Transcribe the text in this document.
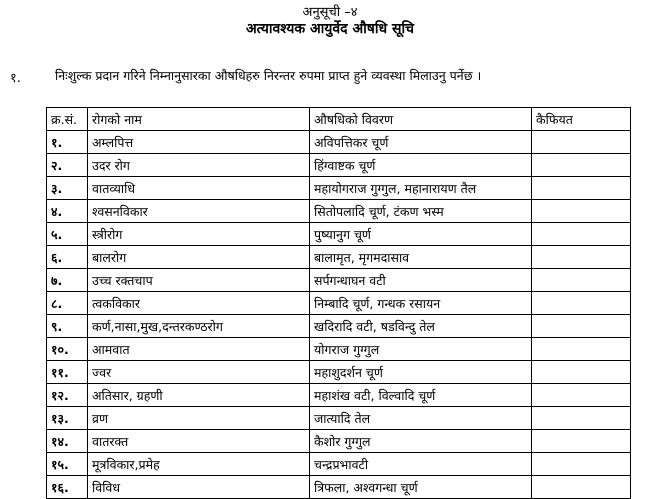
अनुसूची –४
अत्यावश्यक आयुर्वेद औषधि सूचि
१.	निःशुल्क प्रदान गरिने निम्नानुसारका औषधिहरु निरन्तर रुपमा प्राप्त हुने व्यवस्था मिलाउनु पर्नेछ ।
क्र.सं.	रोगको नाम	औषधिको विवरण	कैफियत
१.	अम्लपित्त	अविपत्तिकर चूर्ण	
२.	उदर रोग	हिंग्वाष्टक चूर्ण	
३.	वातव्याधि	महायोगराज गुग्गुल, महानारायण तैल	
४.	श्वसनविकार	सितोपलादि चूर्ण, टंकण भस्म	
५.	स्त्रीरोग	पुष्यानुग चूर्ण	
६.	बालरोग	बालामृत, मृगमदासाव	
७.	उच्च रक्तचाप	सर्पगन्धाघन वटी	
८.	त्वकविकार	निम्बादि चूर्ण, गन्धक रसायन	
९.	कर्ण,नासा,मुख,दन्तरकण्ठरोग	खदिरादि वटी, षडविन्दु तेल	
१०.	आमवात	योगराज गुग्गुल	
११.	ज्वर	महाशुदर्शन चूर्ण	
१२.	अतिसार, ग्रहणी	महाशंख वटी, विल्वादि चूर्ण	
१३.	व्रण	जात्यादि तेल	
१४.	वातरक्त	कैशोर गुग्गुल	
१५.	मूत्रविकार,प्रमेह	चन्द्रप्रभावटी	
१६.	विविध	त्रिफला, अश्वगन्धा चूर्ण	
